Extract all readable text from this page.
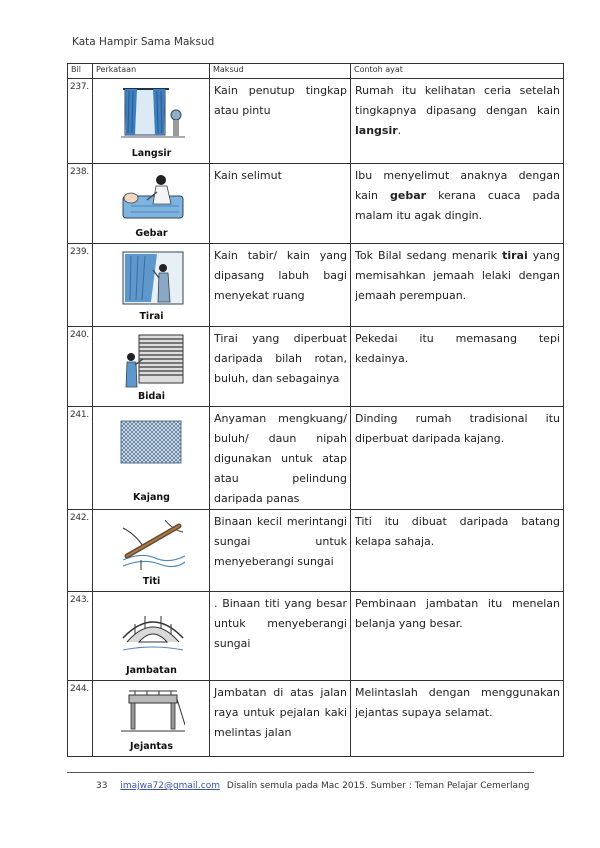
Kata Hampir Sama Maksud
Bil	Perkataan	Maksud	Contoh ayat
237.	Langsir	Kain penutup tingkap atau pintu	Rumah itu kelihatan ceria setelah tingkapnya dipasang dengan kain langsir.
238.	Gebar	Kain selimut	Ibu menyelimut anaknya dengan kain gebar kerana cuaca pada malam itu agak dingin.
239.	Tirai	Kain tabir/ kain yang dipasang labuh bagi menyekat ruang	Tok Bilal sedang menarik tirai yang memisahkan jemaah lelaki dengan jemaah perempuan.
240.	Bidai	Tirai yang diperbuat daripada bilah rotan, buluh, dan sebagainya	Pekedai itu memasang tepi kedainya.
241.	Kajang	Anyaman mengkuang/ buluh/ daun nipah digunakan untuk atap atau pelindung daripada panas	Dinding rumah tradisional itu diperbuat daripada kajang.
242.	Titi	Binaan kecil merintangi sungai untuk menyeberangi sungai	Titi itu dibuat daripada batang kelapa sahaja.
243.	Jambatan	. Binaan titi yang besar untuk menyeberangi sungai	Pembinaan jambatan itu menelan belanja yang besar.
244.	Jejantas	Jambatan di atas jalan raya untuk pejalan kaki melintas jalan	Melintaslah dengan menggunakan jejantas supaya selamat.
33 imajwa72@gmail.com Disalin semula pada Mac 2015. Sumber : Teman Pelajar Cemerlang
